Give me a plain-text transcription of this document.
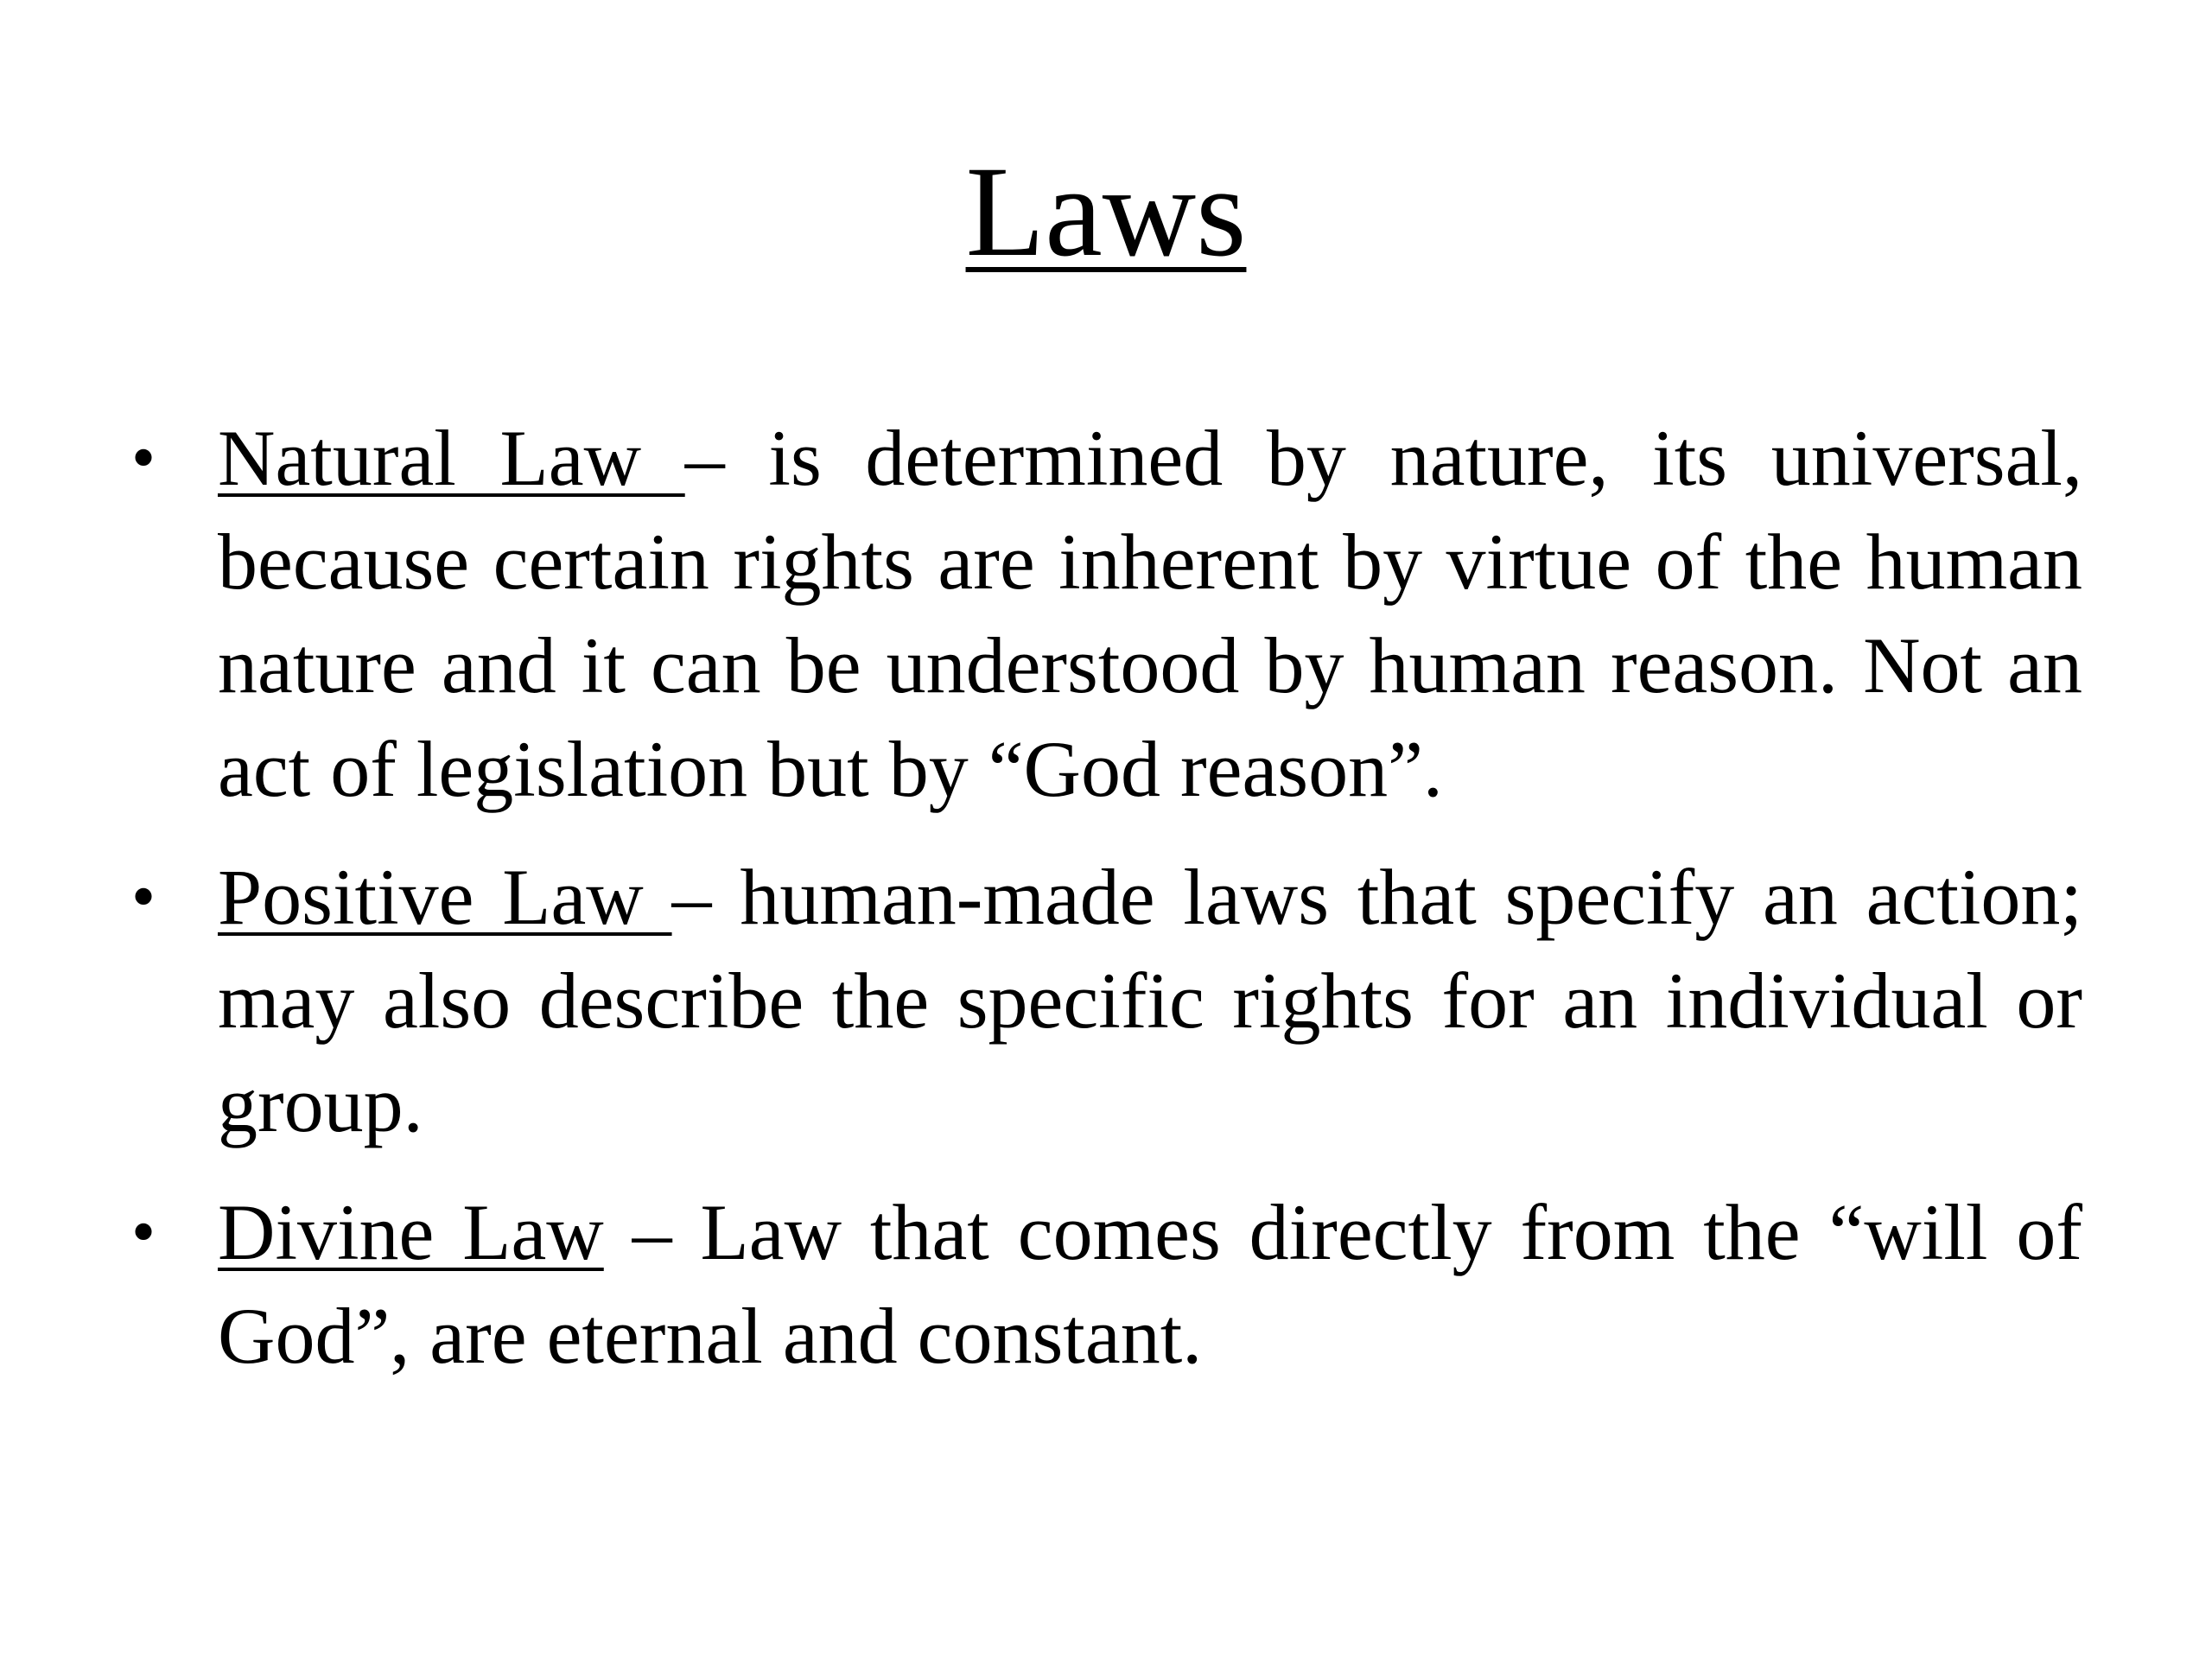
Laws
• Natural Law – is determined by nature, its universal, because certain rights are inherent by virtue of the human nature and it can be understood by human reason. Not an act of legislation but by “God reason”.
• Positive Law – human-made laws that specify an action; may also describe the specific rights for an individual or group.
• Divine Law – Law that comes directly from the “will of God”, are eternal and constant.
